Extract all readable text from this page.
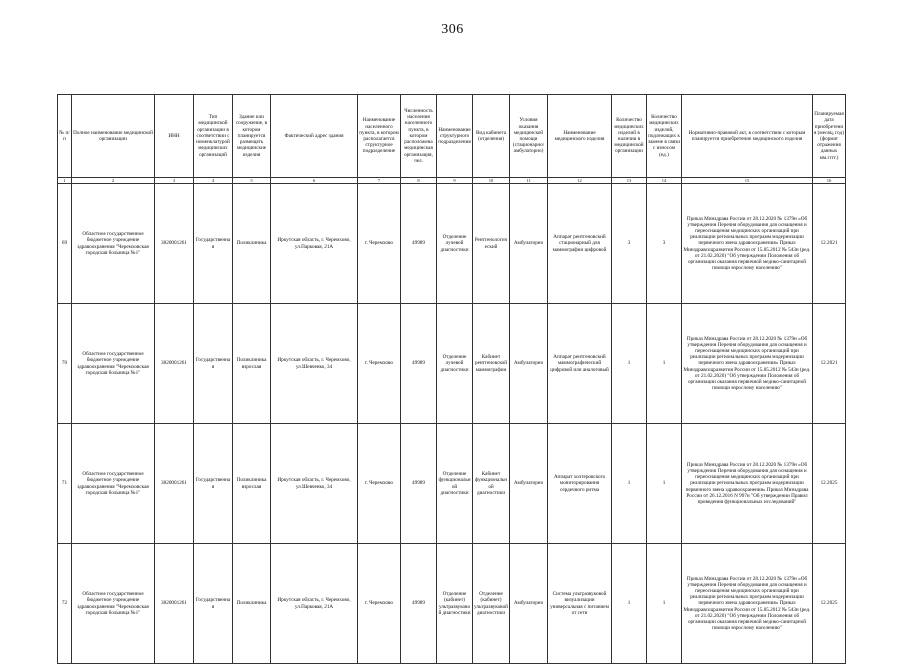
306
№ п/п	Полное наименование медицинской организации	ИНН	Тип медицинской организации в соответствии с номенклатурой медицинских организаций	Здание или сооружение, в котором планируется размещать медицинские изделия	Фактический адрес здания	Наименование населенного пункта, в котором располагается структурное подразделение	Численность населения населенного пункта, в котором расположена медицинская организация, чел.	Наименование структурного подразделения	Вид кабинета (отделения)	Условия оказания медицинской помощи (стационарно/амбулаторно)	Наименование медицинского изделия	Количество медицинских изделий в наличии в медицинской организации	Количество медицинских изделий, подлежащих к замене в связи с износом (ед.)	Нормативно-правовой акт, в соответствии с которым планируется приобретение медицинского изделия	Планируемая дата приобретения (месяц, год) (формат отражения данных мм.гггг.)
1	2	3	4	5	6	7	8	9	10	11	12	13	14	15	16
69	Областное государственное бюджетное учреждение здравоохранения "Черемховская городская больница №1"	3820001261	Государственная	Поликлиника	Иркутская область, г. Черемхово, ул.Парковая, 21А	г. Черемхово	49989	Отделение лучевой диагностики	Рентгенологический	Амбулаторно	Аппарат рентгеновский стационарный для маммографии цифровой	3	3	Приказ Минздрава России от 28.12.2020 № 1379н «Об утверждении Перечня оборудования для оснащения и переоснащения медицинских организаций при реализации региональных программ модернизации первичного звена здравоохранения» Приказ Минздравсоцразвития России от 15.05.2012 № 543н (ред. от 21.02.2020) "Об утверждении Положения об организации оказания первичной медико-санитарной помощи взрослому населению"	12.2021
70	Областное государственное бюджетное учреждение здравоохранения "Черемховская городская больница №1"	3820001261	Государственная	Поликлиника взрослая	Иркутская область, г. Черемхово, ул.Шевченко, 34	г. Черемхово	49989	Отделение лучевой диагностики	Кабинет рентгеновской маммографии	Амбулаторно	Аппарат рентгеновский маммографический цифровой или аналоговый	1	1	Приказ Минздрава России от 28.12.2020 № 1379н «Об утверждении Перечня оборудования для оснащения и переоснащения медицинских организаций при реализации региональных программ модернизации первичного звена здравоохранения» Приказ Минздравсоцразвития России от 15.05.2012 № 543н (ред. от 21.02.2020) "Об утверждении Положения об организации оказания первичной медико-санитарной помощи взрослому населению"	12.2021
71	Областное государственное бюджетное учреждение здравоохранения "Черемховская городская больница №1"	3820001261	Государственная	Поликлиника взрослая	Иркутская область, г. Черемхово, ул.Шевченко, 34	г. Черемхово	49989	Отделение функциональной диагностики	Кабинет функциональной диагностики	Амбулаторно	Аппарат холтеровского мониторирования сердечного ритма	1	1	Приказ Минздрава России от 28.12.2020 № 1379н «Об утверждении Перечня оборудования для оснащения и переоснащения медицинских организаций при реализации региональных программ модернизации первичного звена здравоохранения» Приказ Минздрава России от 26.12.2016 N 997н "Об утверждении Правил проведения функциональных исследований"	12.2025
72	Областное государственное бюджетное учреждение здравоохранения "Черемховская городская больница №1"	3820001261	Государственная	Поликлиника	Иркутская область, г. Черемхово, ул.Парковая, 21А	г. Черемхово	49989	Отделение (кабинет) ультразвуковой диагностики	Отделение (кабинет) ультразвуковой диагностики	Амбулаторно	Система ультразвуковой визуализации универсальная с питанием от сети	1	1	Приказ Минздрава России от 28.12.2020 № 1379н «Об утверждении Перечня оборудования для оснащения и переоснащения медицинских организаций при реализации региональных программ модернизации первичного звена здравоохранения» Приказ Минздравсоцразвития России от 15.05.2012 № 543н (ред. от 21.02.2020) "Об утверждении Положения об организации оказания первичной медико-санитарной помощи взрослому населению"	12.2025
